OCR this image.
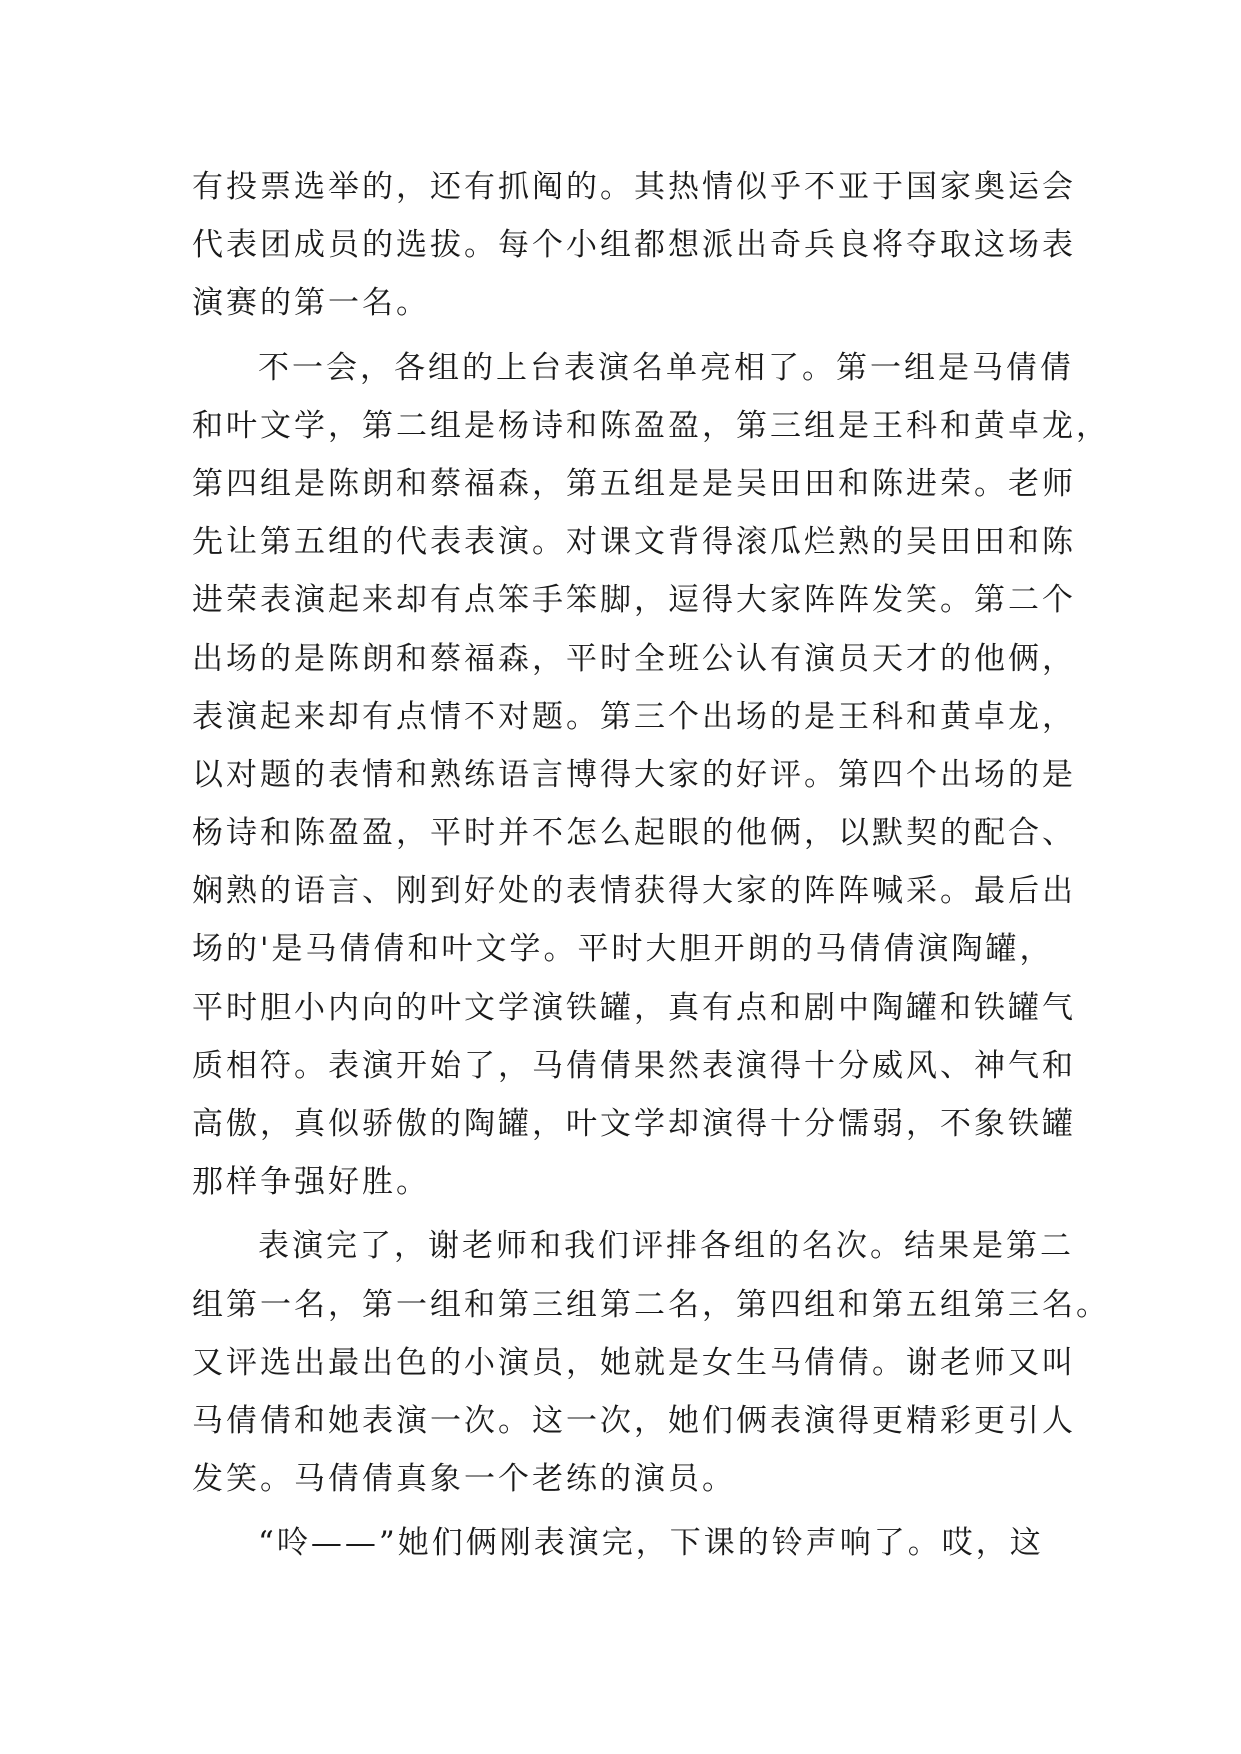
有投票选举的，还有抓阄的。其热情似乎不亚于国家奥运会
代表团成员的选拔。每个小组都想派出奇兵良将夺取这场表
演赛的第一名。
不一会，各组的上台表演名单亮相了。第一组是马倩倩
和叶文学，第二组是杨诗和陈盈盈，第三组是王科和黄卓龙，
第四组是陈朗和蔡福森，第五组是是吴田田和陈进荣。老师
先让第五组的代表表演。对课文背得滚瓜烂熟的吴田田和陈
进荣表演起来却有点笨手笨脚，逗得大家阵阵发笑。第二个
出场的是陈朗和蔡福森，平时全班公认有演员天才的他俩，
表演起来却有点情不对题。第三个出场的是王科和黄卓龙，
以对题的表情和熟练语言博得大家的好评。第四个出场的是
杨诗和陈盈盈，平时并不怎么起眼的他俩，以默契的配合、
娴熟的语言、刚到好处的表情获得大家的阵阵喊采。最后出
场的'是马倩倩和叶文学。平时大胆开朗的马倩倩演陶罐，
平时胆小内向的叶文学演铁罐，真有点和剧中陶罐和铁罐气
质相符。表演开始了，马倩倩果然表演得十分威风、神气和
高傲，真似骄傲的陶罐，叶文学却演得十分懦弱，不象铁罐
那样争强好胜。
表演完了，谢老师和我们评排各组的名次。结果是第二
组第一名，第一组和第三组第二名，第四组和第五组第三名。
又评选出最出色的小演员，她就是女生马倩倩。谢老师又叫
马倩倩和她表演一次。这一次，她们俩表演得更精彩更引人
发笑。马倩倩真象一个老练的演员。
“呤——”她们俩刚表演完，下课的铃声响了。哎，这
